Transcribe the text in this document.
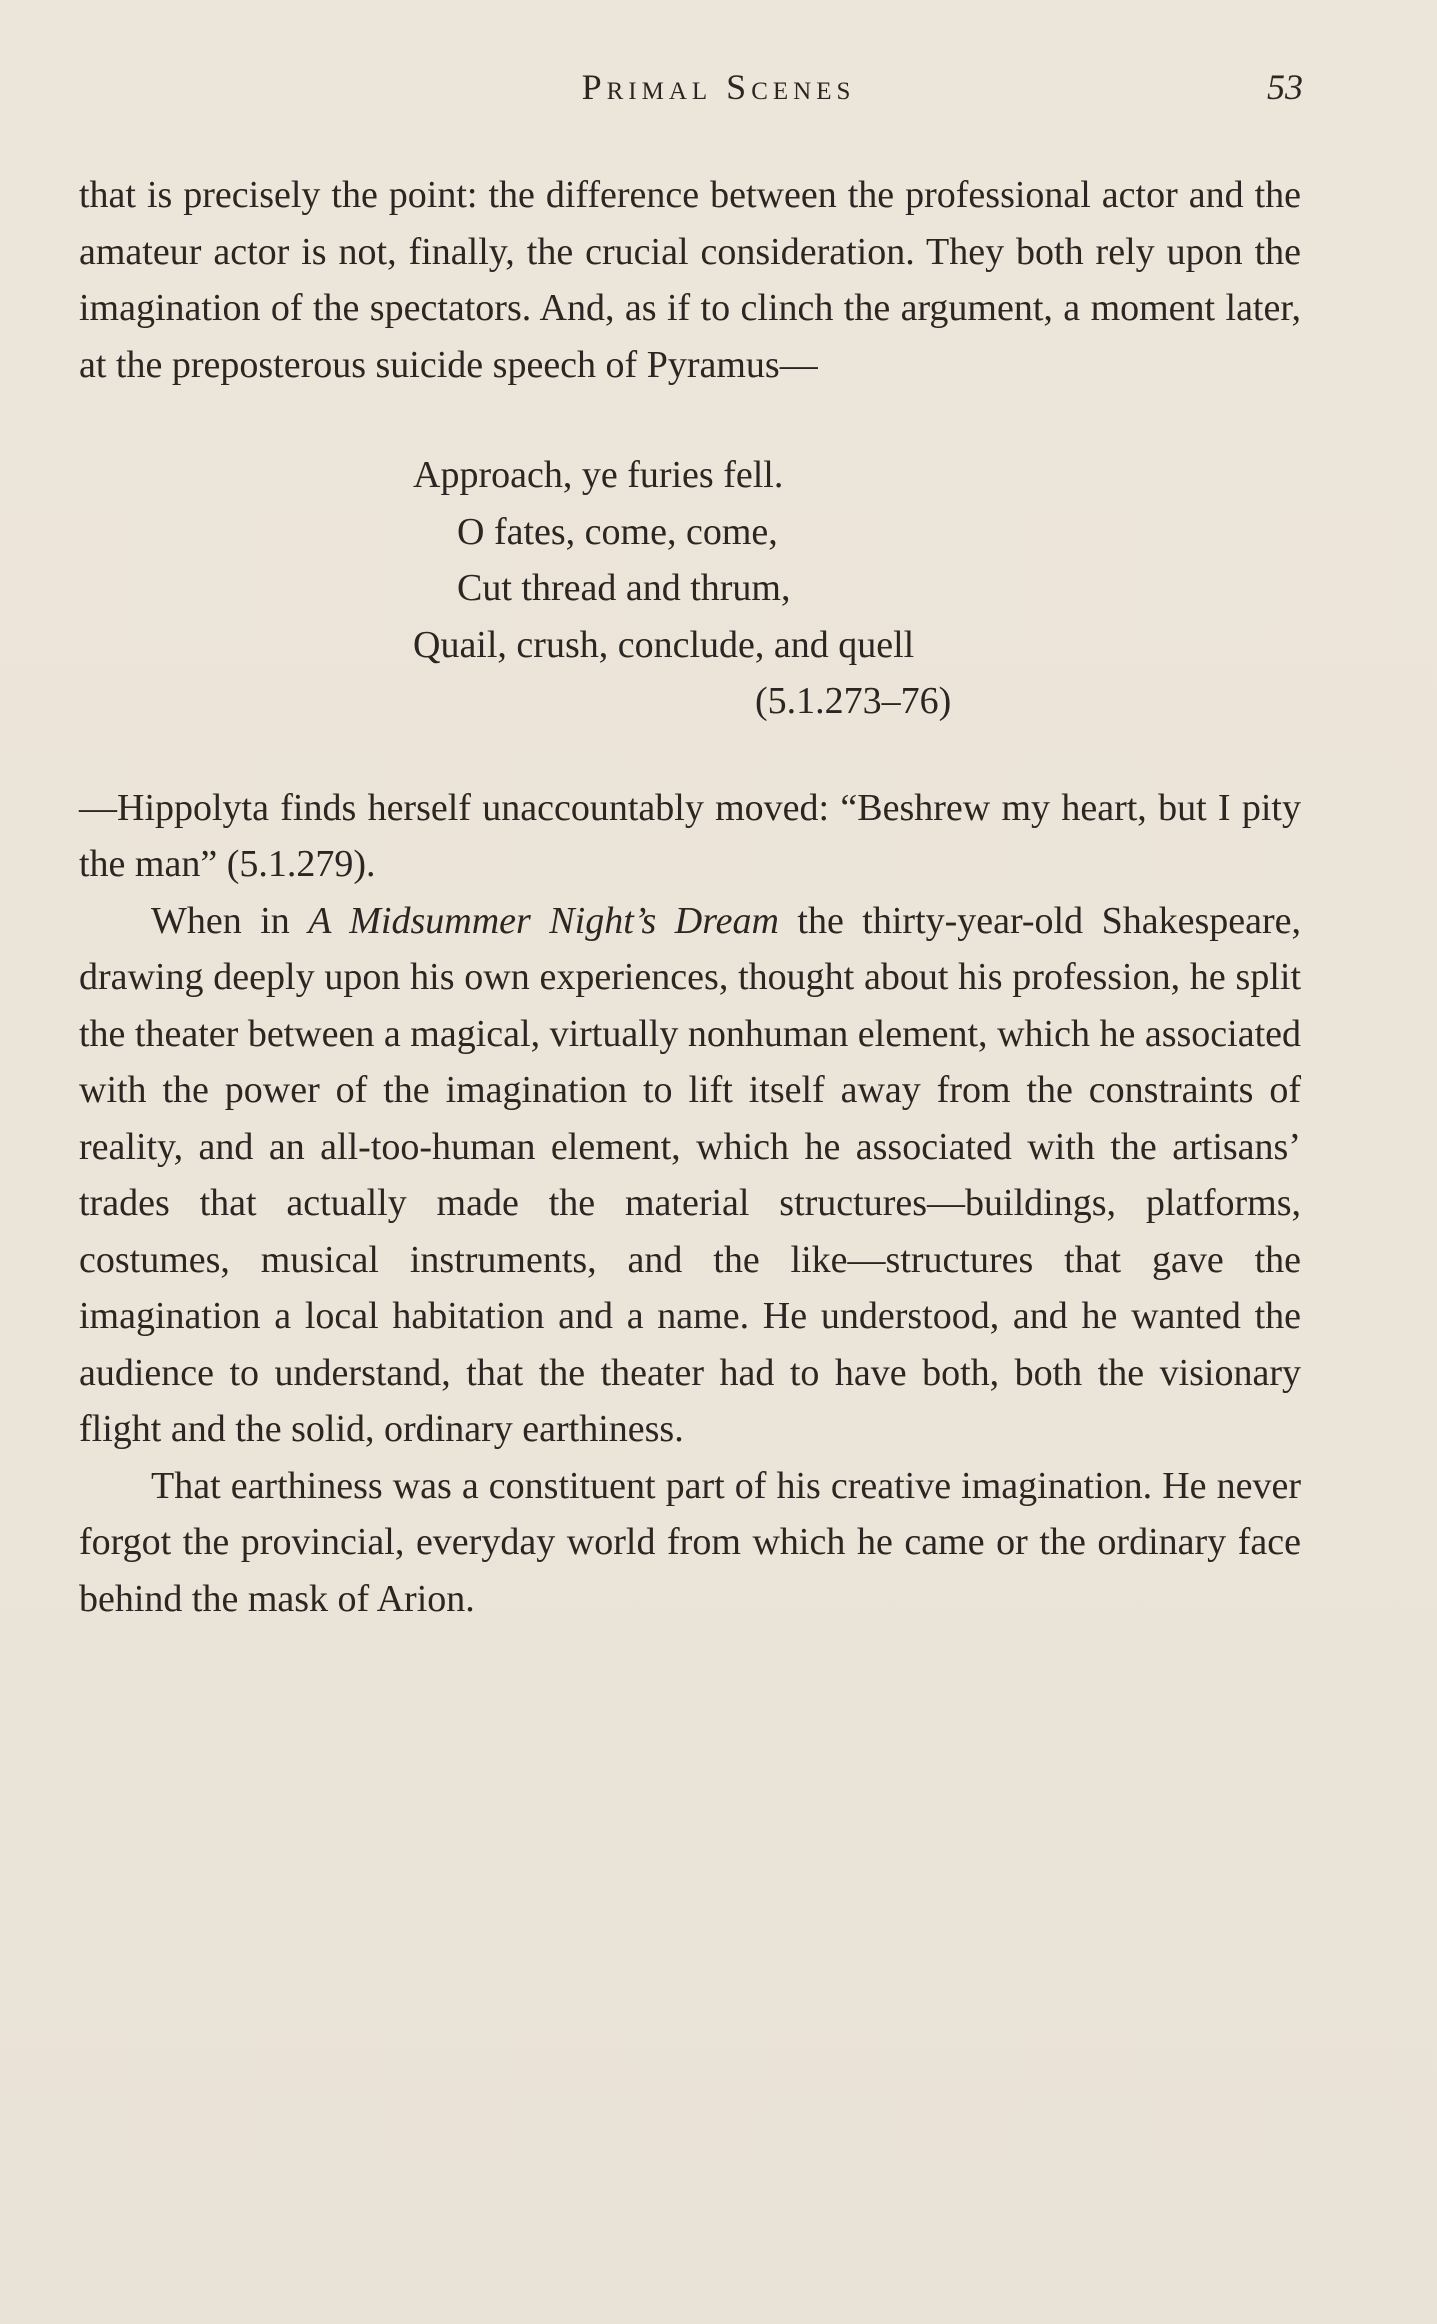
Primal Scenes	53

that is precisely the point: the difference between the professional actor and the amateur actor is not, finally, the crucial consideration. They both rely upon the imagination of the spectators. And, as if to clinch the argument, a moment later, at the preposterous suicide speech of Pyramus—

Approach, ye furies fell.
O fates, come, come,
Cut thread and thrum,
Quail, crush, conclude, and quell
(5.1.273–76)

—Hippolyta finds herself unaccountably moved: “Beshrew my heart, but I pity the man” (5.1.279).

When in A Midsummer Night’s Dream the thirty-year-old Shakespeare, drawing deeply upon his own experiences, thought about his profession, he split the theater between a magical, virtually nonhuman element, which he associated with the power of the imagination to lift itself away from the constraints of reality, and an all-too-human element, which he associated with the artisans’ trades that actually made the material structures—buildings, platforms, costumes, musical instruments, and the like—structures that gave the imagination a local habitation and a name. He understood, and he wanted the audience to understand, that the theater had to have both, both the visionary flight and the solid, ordinary earthiness.

That earthiness was a constituent part of his creative imagination. He never forgot the provincial, everyday world from which he came or the ordinary face behind the mask of Arion.
